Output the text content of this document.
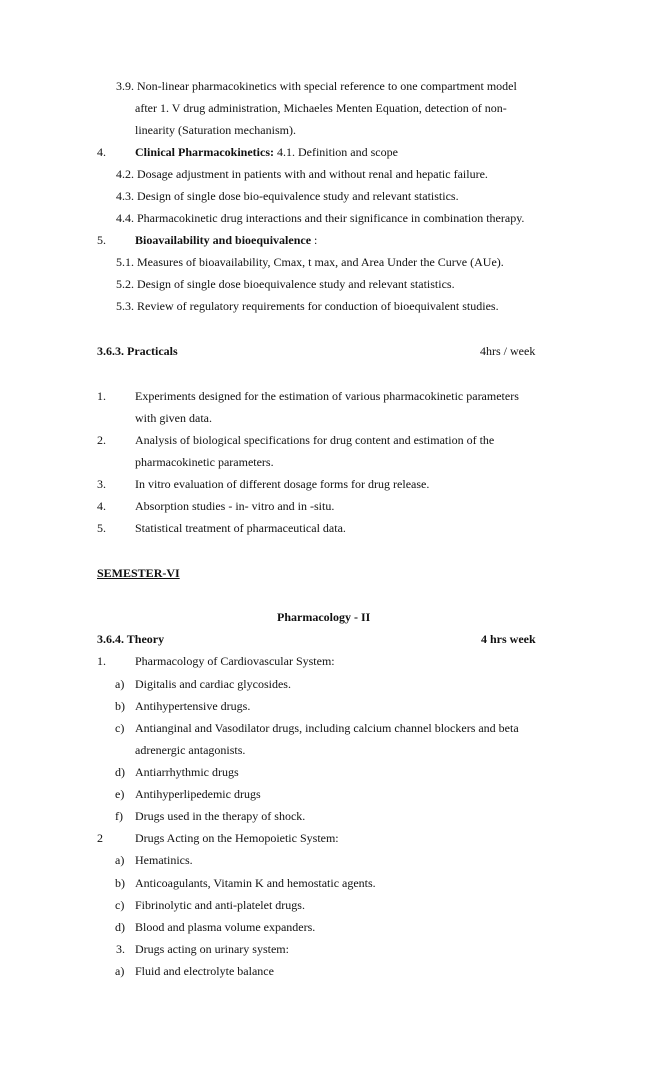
3.9. Non-linear pharmacokinetics with special reference to one compartment model
after 1. V drug administration, Michaeles Menten Equation, detection of non-
linearity (Saturation mechanism).
4. Clinical Pharmacokinetics: 4.1. Definition and scope
4.2. Dosage adjustment in patients with and without renal and hepatic failure.
4.3. Design of single dose bio-equivalence study and relevant statistics.
4.4. Pharmacokinetic drug interactions and their significance in combination therapy.
5. Bioavailability and bioequivalence :
5.1. Measures of bioavailability, Cmax, t max, and Area Under the Curve (AUe).
5.2. Design of single dose bioequivalence study and relevant statistics.
5.3. Review of regulatory requirements for conduction of bioequivalent studies.
3.6.3. Practicals	4hrs / week
1. Experiments designed for the estimation of various pharmacokinetic parameters
with given data.
2. Analysis of biological specifications for drug content and estimation of the
pharmacokinetic parameters.
3. In vitro evaluation of different dosage forms for drug release.
4. Absorption studies - in- vitro and in -situ.
5. Statistical treatment of pharmaceutical data.
SEMESTER-VI
Pharmacology - II
3.6.4. Theory	4 hrs week
1. Pharmacology of Cardiovascular System:
a) Digitalis and cardiac glycosides.
b) Antihypertensive drugs.
c) Antianginal and Vasodilator drugs, including calcium channel blockers and beta
adrenergic antagonists.
d) Antiarrhythmic drugs
e) Antihyperlipedemic drugs
f) Drugs used in the therapy of shock.
2	Drugs Acting on the Hemopoietic System:
a) Hematinics.
b) Anticoagulants, Vitamin K and hemostatic agents.
c) Fibrinolytic and anti-platelet drugs.
d) Blood and plasma volume expanders.
3. Drugs acting on urinary system:
a) Fluid and electrolyte balance
